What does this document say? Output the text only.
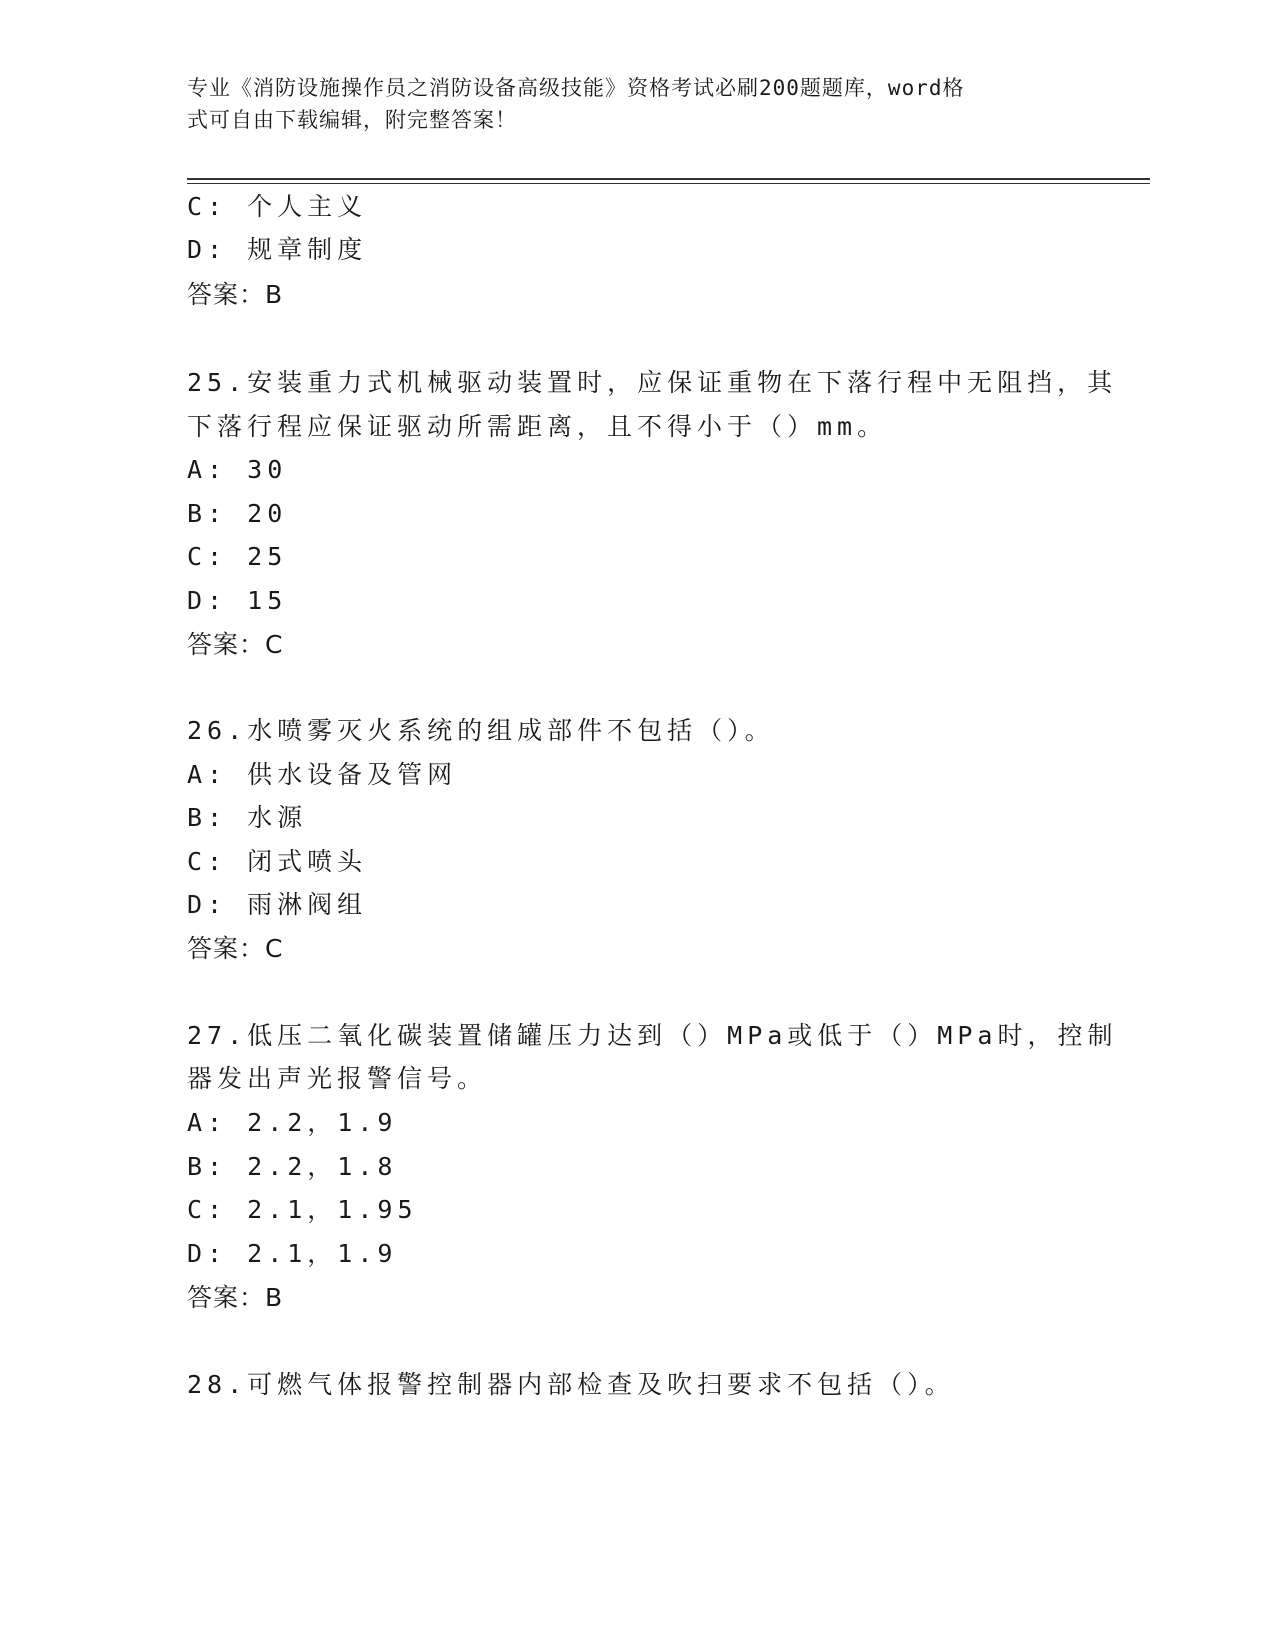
专业《消防设施操作员之消防设备高级技能》资格考试必刷200题题库，word格
式可自由下载编辑，附完整答案！
C: 个人主义
D: 规章制度
答案：B
25.安装重力式机械驱动装置时，应保证重物在下落行程中无阻挡，其
下落行程应保证驱动所需距离，且不得小于（）mm。
A: 30
B: 20
C: 25
D: 15
答案：C
26.水喷雾灭火系统的组成部件不包括（）。
A: 供水设备及管网
B: 水源
C: 闭式喷头
D: 雨淋阀组
答案：C
27.低压二氧化碳装置储罐压力达到（）MPa或低于（）MPa时，控制
器发出声光报警信号。
A: 2.2，1.9
B: 2.2，1.8
C: 2.1，1.95
D: 2.1，1.9
答案：B
28.可燃气体报警控制器内部检查及吹扫要求不包括（）。
